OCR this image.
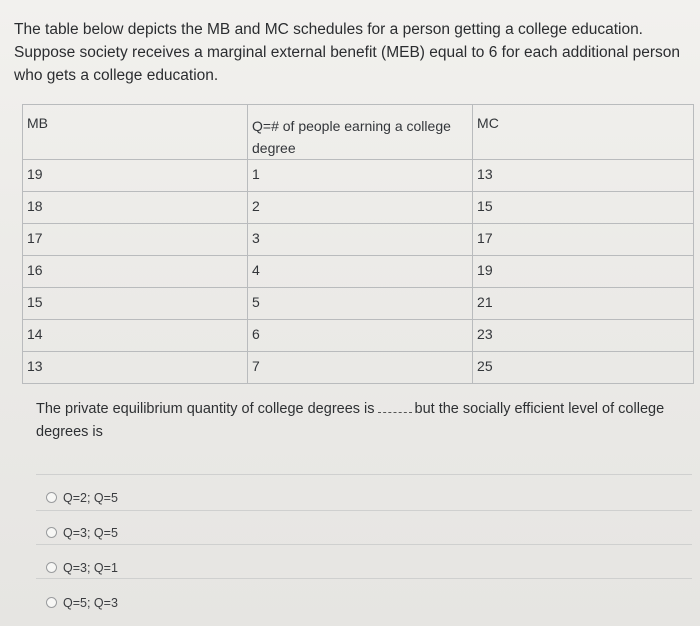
The table below depicts the MB and MC schedules for a person getting a college education.

Suppose society receives a marginal external benefit (MEB) equal to 6 for each additional person

who gets a college education.

MB	Q=# of people earning a college degree	MC
19	1	13
18	2	15
17	3	17
16	4	19
15	5	21
14	6	23
13	7	25
The private equilibrium quantity of college degrees is	but the socially efficient level of college degrees is
Q=2; Q=5
Q=3; Q=5
Q=3; Q=1
Q=5; Q=3
